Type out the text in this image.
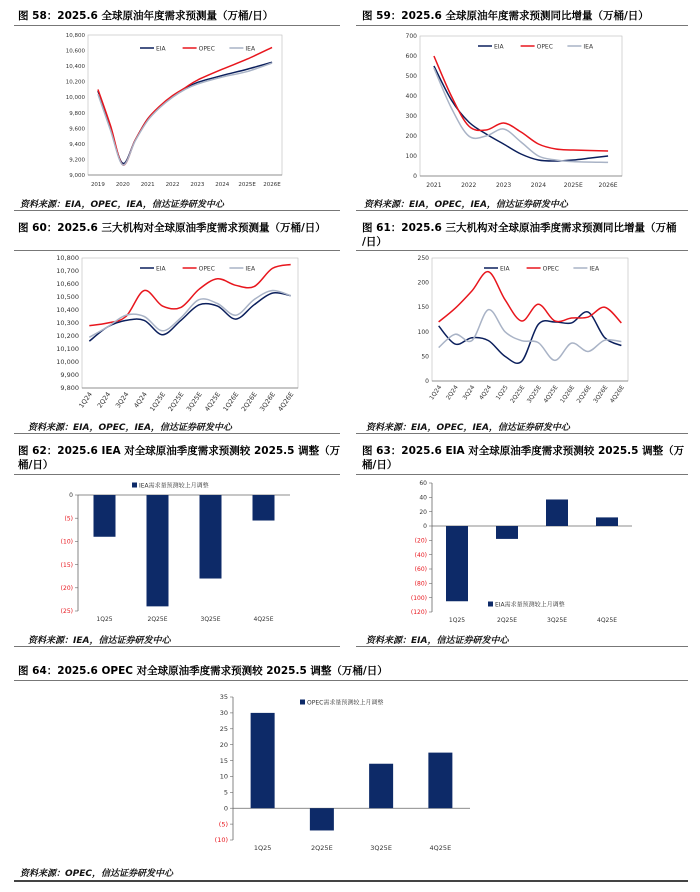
图 58：2025.6 全球原油年度需求预测量（万桶/日）	图 59：2025.6 全球原油年度需求预测同比增量（万桶/日）
资料来源：EIA，OPEC，IEA，信达证券研发中心	资料来源：EIA，OPEC，IEA，信达证券研发中心
图 60：2025.6 三大机构对全球原油季度需求预测量（万桶/日）	图 61：2025.6 三大机构对全球原油季度需求预测同比增量（万桶
/日）
资料来源：EIA，OPEC，IEA，信达证券研发中心	资料来源：EIA，OPEC，IEA，信达证券研发中心
图 62：2025.6 IEA 对全球原油季度需求预测较 2025.5 调整（万
桶/日）
图 63：2025.6 EIA 对全球原油季度需求预测较 2025.5 调整（万
桶/日）
资料来源：IEA，信达证券研发中心	资料来源：EIA，信达证券研发中心
图 64：2025.6 OPEC 对全球原油季度需求预测较 2025.5 调整（万桶/日）
资料来源：OPEC，信达证券研发中心
9,000
9,200
9,400
9,600
9,800
10,000
10,200
10,400
10,600
10,800
2019 2020 2021 2022 2023 2024 2025E 2026E
EIA	OPEC	IEA
0
100
200
300
400
500
600
700
2021	2022	2023	2024	2025E	2026E
EIA	OPEC	IEA
9,800
9,900
10,000
10,100
10,200
10,300
10,400
10,500
10,600
10,700
10,800
1Q24 2Q24 3Q24 4Q24 1Q25E 2Q25E 3Q25E 4Q25E 1Q26E 2Q26E 3Q26E 4Q26E
EIA	OPEC	IEA
0
50
100
150
200
250
1Q24 2Q24 3Q24 4Q24 1Q25 2Q25E 3Q25E 4Q25E 1Q26E 2Q26E 3Q26E 4Q26E
EIA	OPEC	IEA
(25)
(20)
(15)
(10)
(5)
0
1Q25	2Q25E	3Q25E	4Q25E
IEA需求量预测较上月调整
(120)
(100)
(80)
(60)
(40)
(20)
0
20
40
60
1Q25	2Q25E	3Q25E	4Q25E
EIA需求量预测较上月调整
(10)
(5)
0
5
10
15
20
25
30
35
1Q25	2Q25E	3Q25E	4Q25E
OPEC需求量预测较上月调整
